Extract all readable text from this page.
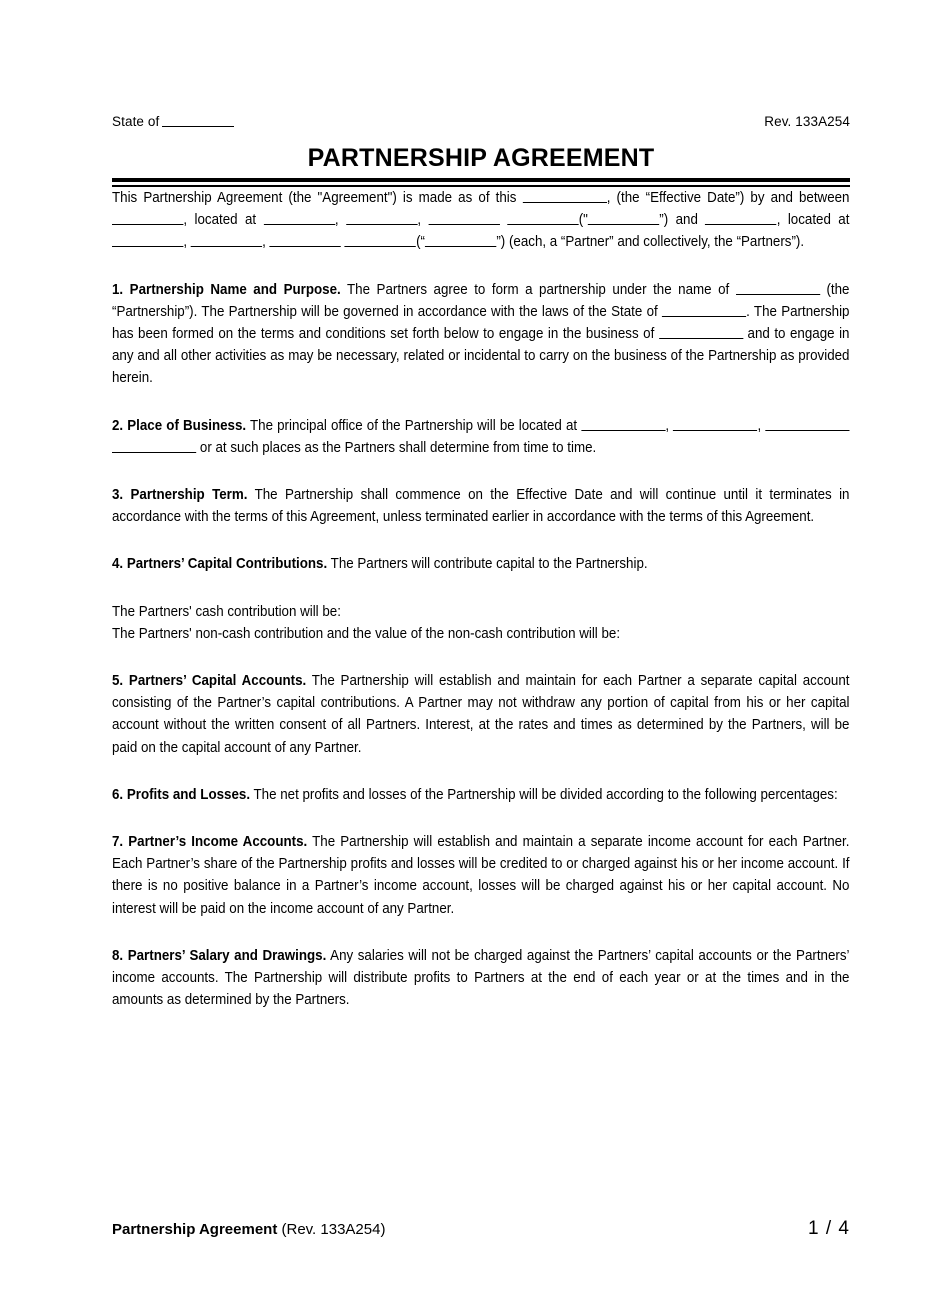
State of	Rev. 133A254
PARTNERSHIP AGREEMENT

This Partnership Agreement (the "Agreement") is made as of this	, (the “Effective Date”) by and between , located at	,	,	("	”) and	, located at ,	,	(“	”) (each, a “Partner” and collectively, the “Partners”).

1. Partnership Name and Purpose. The Partners agree to form a partnership under the name of	(the “Partnership”). The Partnership will be governed in accordance with the laws of the State of	. The Partnership has been formed on the terms and conditions set forth below to engage in the business of	and to engage in any and all other activities as may be necessary, related or incidental to carry on the business of the Partnership as provided herein.

2. Place of Business. The principal office of the Partnership will be located at	,	,   or at such places as the Partners shall determine from time to time.

3. Partnership Term. The Partnership shall commence on the Effective Date and will continue until it terminates in accordance with the terms of this Agreement, unless terminated earlier in accordance with the terms of this Agreement.

4. Partners’ Capital Contributions. The Partners will contribute capital to the Partnership.

The Partners' cash contribution will be:

The Partners' non-cash contribution and the value of the non-cash contribution will be:

5. Partners’ Capital Accounts. The Partnership will establish and maintain for each Partner a separate capital account consisting of the Partner’s capital contributions. A Partner may not withdraw any portion of capital from his or her capital account without the written consent of all Partners. Interest, at the rates and times as determined by the Partners, will be paid on the capital account of any Partner.

6. Profits and Losses. The net profits and losses of the Partnership will be divided according to the following percentages:

7. Partner’s Income Accounts. The Partnership will establish and maintain a separate income account for each Partner. Each Partner’s share of the Partnership profits and losses will be credited to or charged against his or her income account. If there is no positive balance in a Partner’s income account, losses will be charged against his or her capital account. No interest will be paid on the income account of any Partner.

8. Partners’ Salary and Drawings. Any salaries will not be charged against the Partners’ capital accounts or the Partners’ income accounts. The Partnership will distribute profits to Partners at the end of each year or at the times and in the amounts as determined by the Partners.

Partnership Agreement (Rev. 133A254)	1 / 4
